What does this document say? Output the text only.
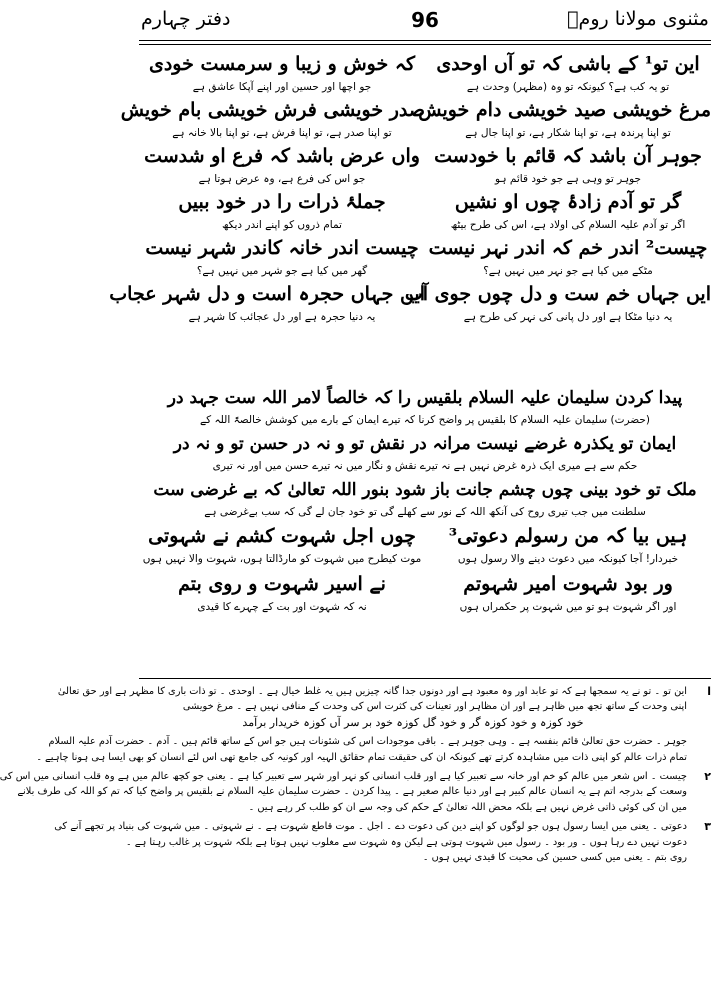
دفتر چہارم	96	مثنوی مولانا رومؒ
این تو¹ کے باشی کہ تو آں اوحدی
کہ خوش و زیبا و سرمست خودی
تو یہ کب ہے؟ کیونکہ تو وہ (مظہر) وحدت ہے
جو اچھا اور حسین اور اپنے آپکا عاشق ہے
مرغ خویشی صید خویشی دام خویش
صدر خویشی فرش خویشی بام خویش
تو اپنا پرندہ ہے، تو اپنا شکار ہے، تو اپنا جال ہے
تو اپنا صدر ہے، تو اپنا فرش ہے، تو اپنا بالا خانہ ہے
جوہر آن باشد کہ قائم با خودست
واں عرض باشد کہ فرع او شدست
جوہر تو وہی ہے جو خود قائم ہو
جو اس کی فرع ہے، وہ عرض ہوتا ہے
گر تو آدم زادۂ چوں او نشیں
جملۂ ذرات را در خود ببیں
اگر تو آدم علیہ السلام کی اولاد ہے، اس کی طرح بیٹھ
تمام ذروں کو اپنے اندر دیکھ
چیست² اندر خم کہ اندر نہر نیست
چیست اندر خانہ کاندر شہر نیست
مٹکے میں کیا ہے جو نہر میں نہیں ہے؟
گھر میں کیا ہے جو شہر میں نہیں ہے؟
ایں جہاں خم ست و دل چوں جوی آب
ایں جہاں حجرہ است و دل شہر عجاب
یہ دنیا مٹکا ہے اور دل پانی کی نہر کی طرح ہے
یہ دنیا حجرہ ہے اور دل عجائب کا شہر ہے
پیدا کردن سلیمان علیہ السلام بلقیس را کہ خالصاً لامر اللہ ست جہد در
(حضرت) سلیمان علیہ السلام کا بلقیس پر واضح کرنا کہ تیرے ایمان کے بارے میں کوشش خالصۃً اللہ کے
ایمان تو یکذرہ غرضے نیست مرانہ در نقش تو و نہ در حسن تو و نہ در
حکم سے ہے میری ایک ذرہ غرض نہیں ہے نہ تیرے نقش و نگار میں نہ تیرے حسن میں اور نہ تیری
ملک تو خود بینی چوں چشم جانت باز شود بنور اللہ تعالیٰ کہ بے غرضی ست
سلطنت میں جب تیری روح کی آنکھ اللہ کے نور سے کھلے گی تو خود جان لے گی کہ سب بےغرضی ہے
ہیں بیا کہ من رسولم دعوتی³
چوں اجل شہوت کشم نے شہوتی
خبردار! آجا کیونکہ میں دعوت دینے والا رسول ہوں
موت کیطرح میں شہوت کو مارڈالتا ہوں، شہوت والا نہیں ہوں
ور بود شہوت امیر شہوتم
نے اسیر شہوت و روی بتم
اور اگر شہوت ہو تو میں شہوت پر حکمراں ہوں
نہ کہ شہوت اور بت کے چہرے کا قیدی
ا
این تو ۔ تو نے یہ سمجھا ہے کہ تو عابد اور وہ معبود ہے اور دونوں جدا گانہ چیزیں ہیں یہ غلط خیال ہے ۔ اوحدی ۔ تو ذات باری کا مظہر ہے اور حق تعالیٰ
اپنی وحدت کے ساتھ تجھ میں ظاہر ہے اور ان مظاہر اور تعینات کی کثرت اس کی وحدت کے منافی نہیں ہے ۔ مرغ خویشی
خود کوزہ و خود کوزہ گر و خود گل کوزہ خود بر سر آں کوزہ خریدار برآمد
جوہر ۔ حضرت حق تعالیٰ قائم بنفسہ ہے ۔ وہی جوہر ہے ۔ باقی موجودات اس کی شئونات ہیں جو اس کے ساتھ قائم ہیں ۔ آدم ۔ حضرت آدم علیہ السلام
تمام ذرات عالم کو اپنی ذات میں مشاہدہ کرتے تھے کیونکہ ان کی حقیقت تمام حقائق الہیہ اور کونیہ کی جامع تھی اس لئے انسان کو بھی ایسا ہی ہونا چاہیے ۔
۲
چیست ۔ اس شعر میں عالم کو خم اور خانہ سے تعبیر کیا ہے اور قلب انسانی کو نہر اور شہر سے تعبیر کیا ہے ۔ یعنی جو کچھ عالم میں ہے وہ قلب انسانی میں اس کی
وسعت کے بدرجہ اتم ہے یہ انسان عالم کبیر ہے اور دنیا عالم صغیر ہے ۔ پیدا کردن ۔ حضرت سلیمان علیہ السلام نے بلقیس پر واضح کیا کہ تم کو اللہ کی طرف بلانے
میں ان کی کوئی ذاتی غرض نہیں ہے بلکہ محض اللہ تعالیٰ کے حکم کی وجہ سے ان کو طلب کر رہے ہیں ۔
۳
دعوتی ۔ یعنی میں ایسا رسول ہوں جو لوگوں کو اپنے دین کی دعوت دے ۔ اجل ۔ موت قاطع شہوت ہے ۔ نے شہوتی ۔ میں شہوت کی بنیاد پر تجھے آنے کی
دعوت نہیں دے رہا ہوں ۔ ور بود ۔ رسول میں شہوت ہوتی ہے لیکن وہ شہوت سے مغلوب نہیں ہوتا ہے بلکہ شہوت پر غالب رہتا ہے ۔
روی بتم ۔ یعنی میں کسی حسین کی محبت کا قیدی نہیں ہوں ۔
